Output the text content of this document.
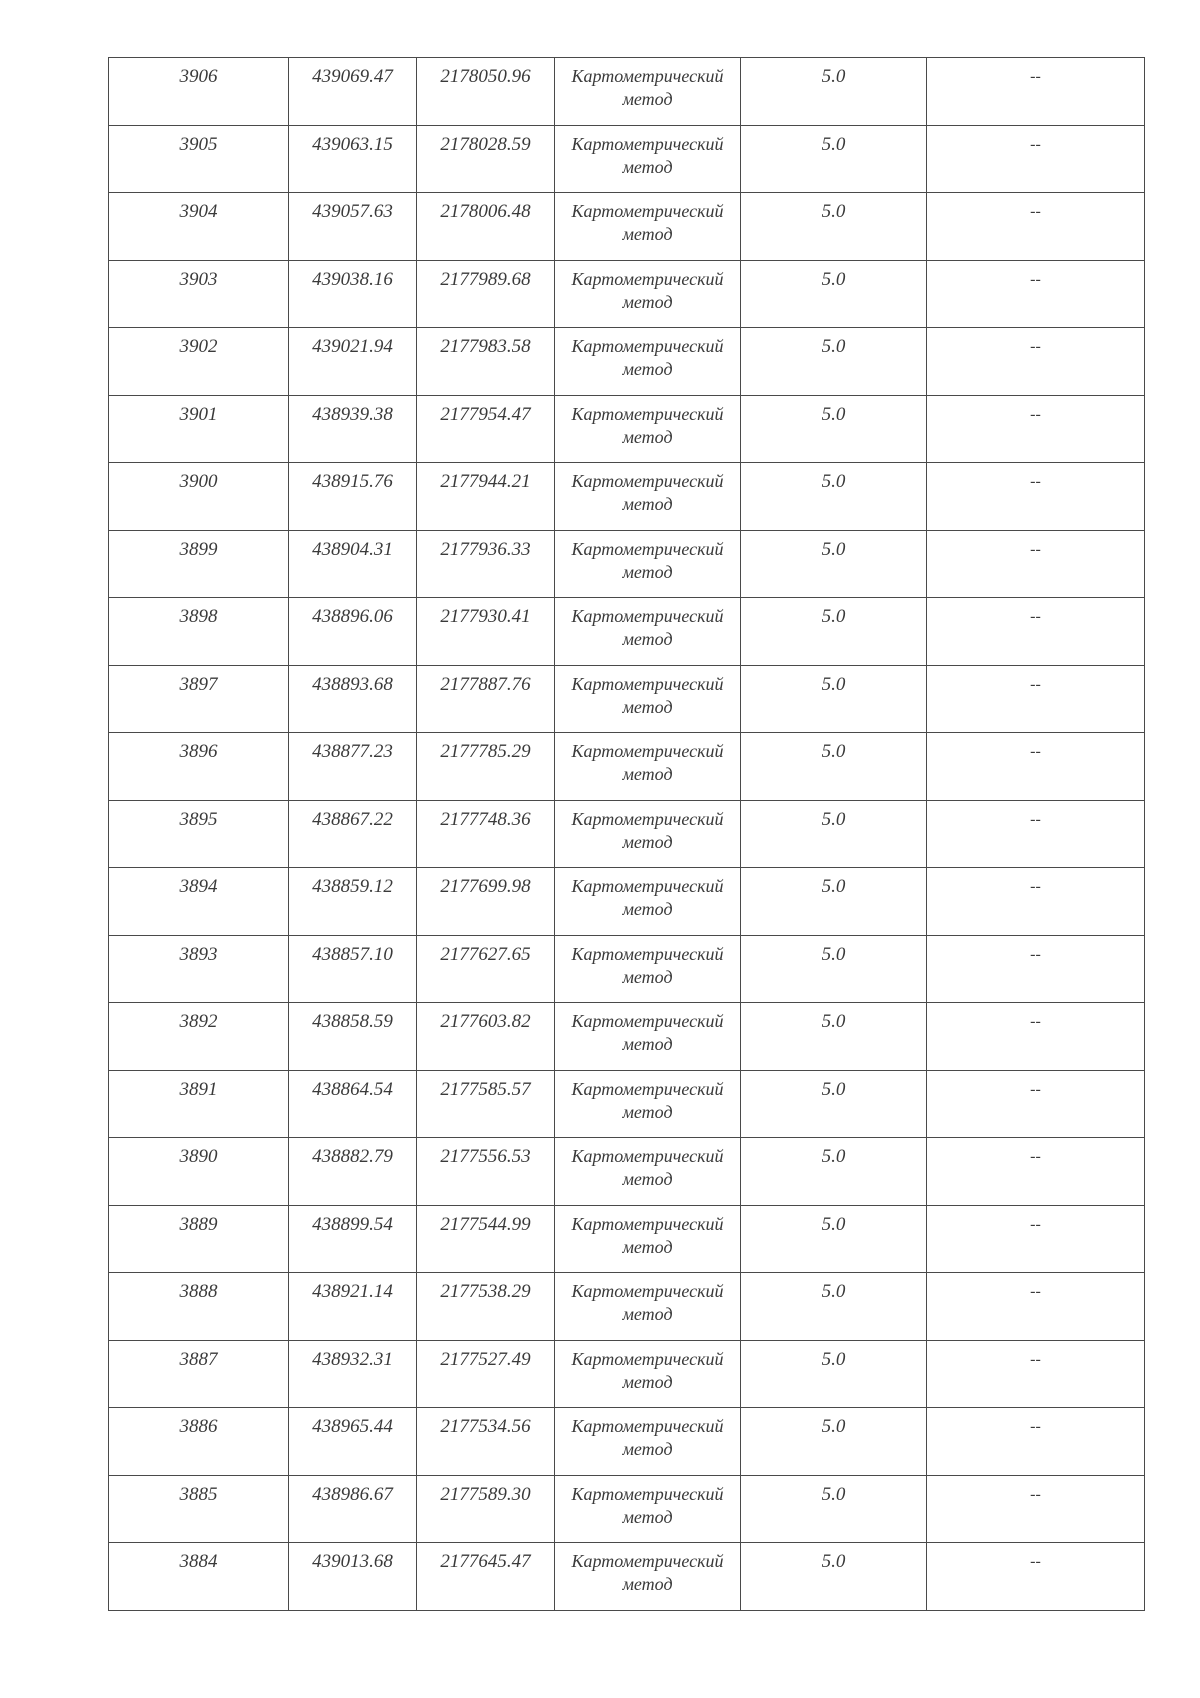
3906	439069.47	2178050.96	Картометрический метод	5.0	--
3905	439063.15	2178028.59	Картометрический метод	5.0	--
3904	439057.63	2178006.48	Картометрический метод	5.0	--
3903	439038.16	2177989.68	Картометрический метод	5.0	--
3902	439021.94	2177983.58	Картометрический метод	5.0	--
3901	438939.38	2177954.47	Картометрический метод	5.0	--
3900	438915.76	2177944.21	Картометрический метод	5.0	--
3899	438904.31	2177936.33	Картометрический метод	5.0	--
3898	438896.06	2177930.41	Картометрический метод	5.0	--
3897	438893.68	2177887.76	Картометрический метод	5.0	--
3896	438877.23	2177785.29	Картометрический метод	5.0	--
3895	438867.22	2177748.36	Картометрический метод	5.0	--
3894	438859.12	2177699.98	Картометрический метод	5.0	--
3893	438857.10	2177627.65	Картометрический метод	5.0	--
3892	438858.59	2177603.82	Картометрический метод	5.0	--
3891	438864.54	2177585.57	Картометрический метод	5.0	--
3890	438882.79	2177556.53	Картометрический метод	5.0	--
3889	438899.54	2177544.99	Картометрический метод	5.0	--
3888	438921.14	2177538.29	Картометрический метод	5.0	--
3887	438932.31	2177527.49	Картометрический метод	5.0	--
3886	438965.44	2177534.56	Картометрический метод	5.0	--
3885	438986.67	2177589.30	Картометрический метод	5.0	--
3884	439013.68	2177645.47	Картометрический метод	5.0	--
